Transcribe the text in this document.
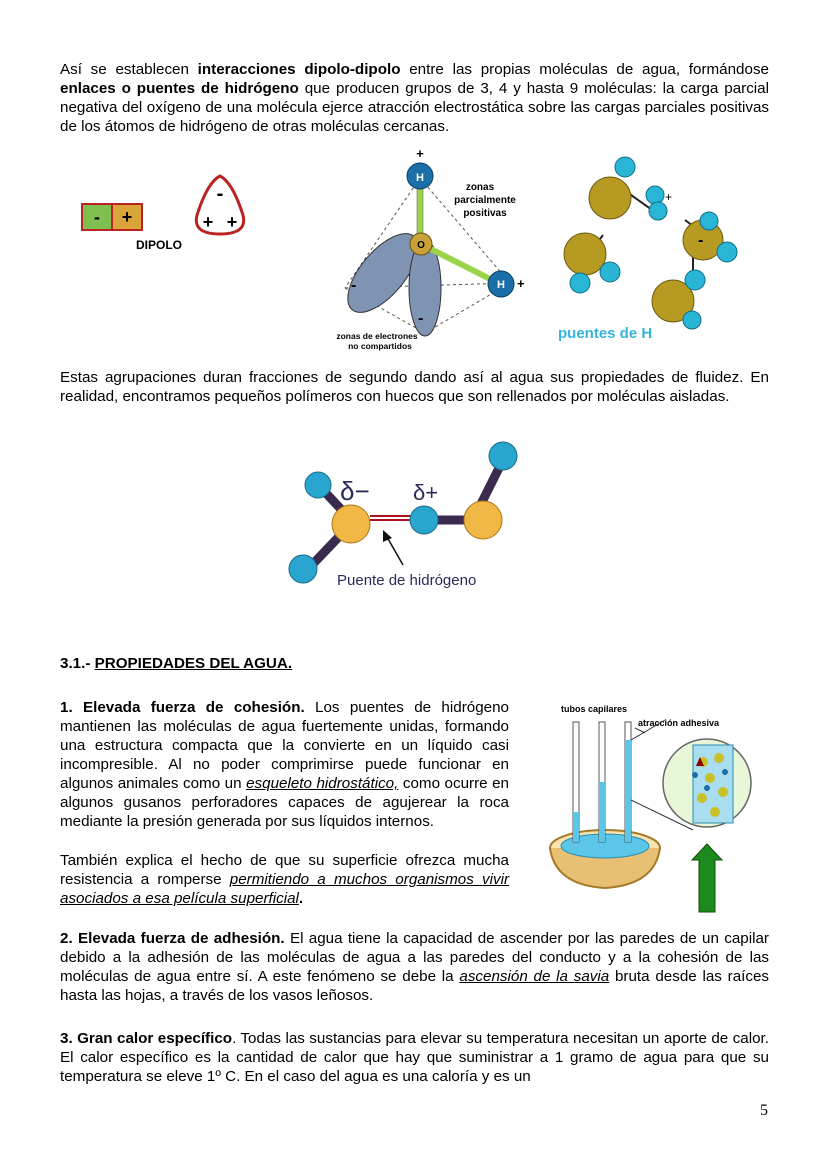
Así se establecen interacciones dipolo-dipolo entre las propias moléculas de agua, formándose enlaces o puentes de hidrógeno que producen grupos de 3, 4 y hasta 9 moléculas: la carga parcial negativa del oxígeno de una molécula ejerce atracción electrostática sobre las cargas parciales positivas de los átomos de hidrógeno de otras moléculas cercanas.

- +
DIPOLO
-
+ +
-
-
H
+
O
H +
zonas
parcialmente
positivas
zonas de electrones
no compartidos
+
-
puentes de H

Estas agrupaciones duran fracciones de segundo dando así al agua sus propiedades de fluidez. En realidad, encontramos pequeños polímeros con huecos que son rellenados por moléculas aisladas.

δ− δ+
Puente de hidrógeno
3.1.- PROPIEDADES DEL AGUA.

1. Elevada fuerza de cohesión. Los puentes de hidrógeno mantienen las moléculas de agua fuertemente unidas, formando una estructura compacta que la convierte en un líquido casi incompresible. Al no poder comprimirse puede funcionar en algunos animales como un esqueleto hidrostático, como ocurre en algunos gusanos perforadores capaces de agujerear la roca mediante la presión generada por sus líquidos internos.

También explica el hecho de que su superficie ofrezca mucha resistencia a romperse permitiendo a muchos organismos vivir asociados a esa película superficial.

tubos capilares
atracción adhesiva

2. Elevada fuerza de adhesión. El agua tiene la capacidad de ascender por las paredes de un capilar debido a la adhesión de las moléculas de agua a las paredes del conducto y a la cohesión de las moléculas de agua entre sí. A este fenómeno se debe la ascensión de la savia bruta desde las raíces hasta las hojas, a través de los vasos leñosos.

3. Gran calor específico. Todas las sustancias para elevar su temperatura necesitan un aporte de calor. El calor específico es la cantidad de calor que hay que suministrar a 1 gramo de agua para que su temperatura se eleve 1º C. En el caso del agua es una caloría y es un

5
